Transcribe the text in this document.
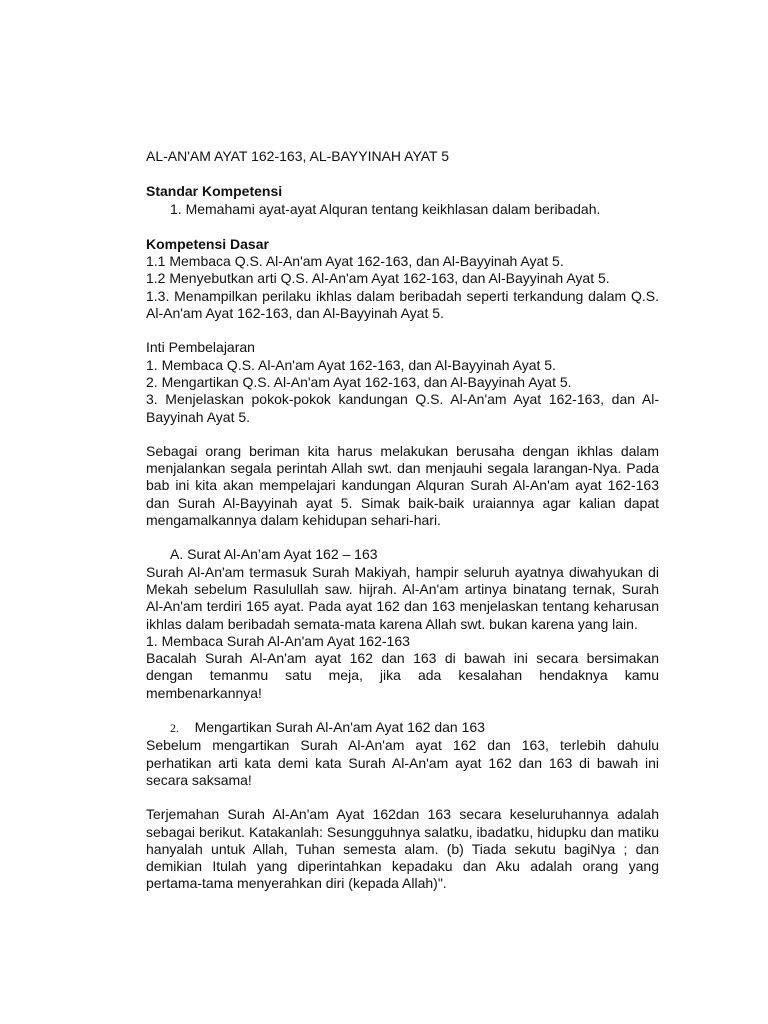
AL-AN'AM AYAT 162-163, AL-BAYYINAH AYAT 5

Standar Kompetensi

1. Memahami ayat-ayat Alquran tentang keikhlasan dalam beribadah.

Kompetensi Dasar

1.1 Membaca Q.S. Al-An'am Ayat 162-163, dan Al-Bayyinah Ayat 5.

1.2 Menyebutkan arti Q.S. Al-An'am Ayat 162-163, dan Al-Bayyinah Ayat 5.

1.3. Menampilkan perilaku ikhlas dalam beribadah seperti terkandung dalam Q.S. Al-An'am Ayat 162-163, dan Al-Bayyinah Ayat 5.

Inti Pembelajaran

1. Membaca Q.S. Al-An'am Ayat 162-163, dan Al-Bayyinah Ayat 5.

2. Mengartikan Q.S. Al-An'am Ayat 162-163, dan Al-Bayyinah Ayat 5.

3. Menjelaskan pokok-pokok kandungan Q.S. Al-An'am Ayat 162-163, dan Al-Bayyinah Ayat 5.

Sebagai orang beriman kita harus melakukan berusaha dengan ikhlas dalam menjalankan segala perintah Allah swt. dan menjauhi segala larangan-Nya. Pada bab ini kita akan mempelajari kandungan Alquran Surah Al-An'am ayat 162-163 dan Surah Al-Bayyinah ayat 5. Simak baik-baik uraiannya agar kalian dapat mengamalkannya dalam kehidupan sehari-hari.

A. Surat Al-An’am Ayat 162 – 163

Surah Al-An'am termasuk Surah Makiyah, hampir seluruh ayatnya diwahyukan di Mekah sebelum Rasulullah saw. hijrah. Al-An'am artinya binatang ternak, Surah Al-An'am terdiri 165 ayat. Pada ayat 162 dan 163 menjelaskan tentang keharusan ikhlas dalam beribadah semata-mata karena Allah swt. bukan karena yang lain.

1. Membaca Surah Al-An'am Ayat 162-163

Bacalah Surah Al-An'am ayat 162 dan 163 di bawah ini secara bersimakan dengan temanmu satu meja, jika ada kesalahan hendaknya kamu membenarkannya!

2. Mengartikan Surah Al-An'am Ayat 162 dan 163

Sebelum mengartikan Surah Al-An'am ayat 162 dan 163, terlebih dahulu perhatikan arti kata demi kata Surah Al-An'am ayat 162 dan 163 di bawah ini secara saksama!

Terjemahan Surah Al-An'am Ayat 162dan 163 secara keseluruhannya adalah sebagai berikut. Katakanlah: Sesungguhnya salatku, ibadatku, hidupku dan matiku hanyalah untuk Allah, Tuhan semesta alam. (b) Tiada sekutu bagiNya ; dan demikian Itulah yang diperintahkan kepadaku dan Aku adalah orang yang pertama-tama menyerahkan diri (kepada Allah)".
